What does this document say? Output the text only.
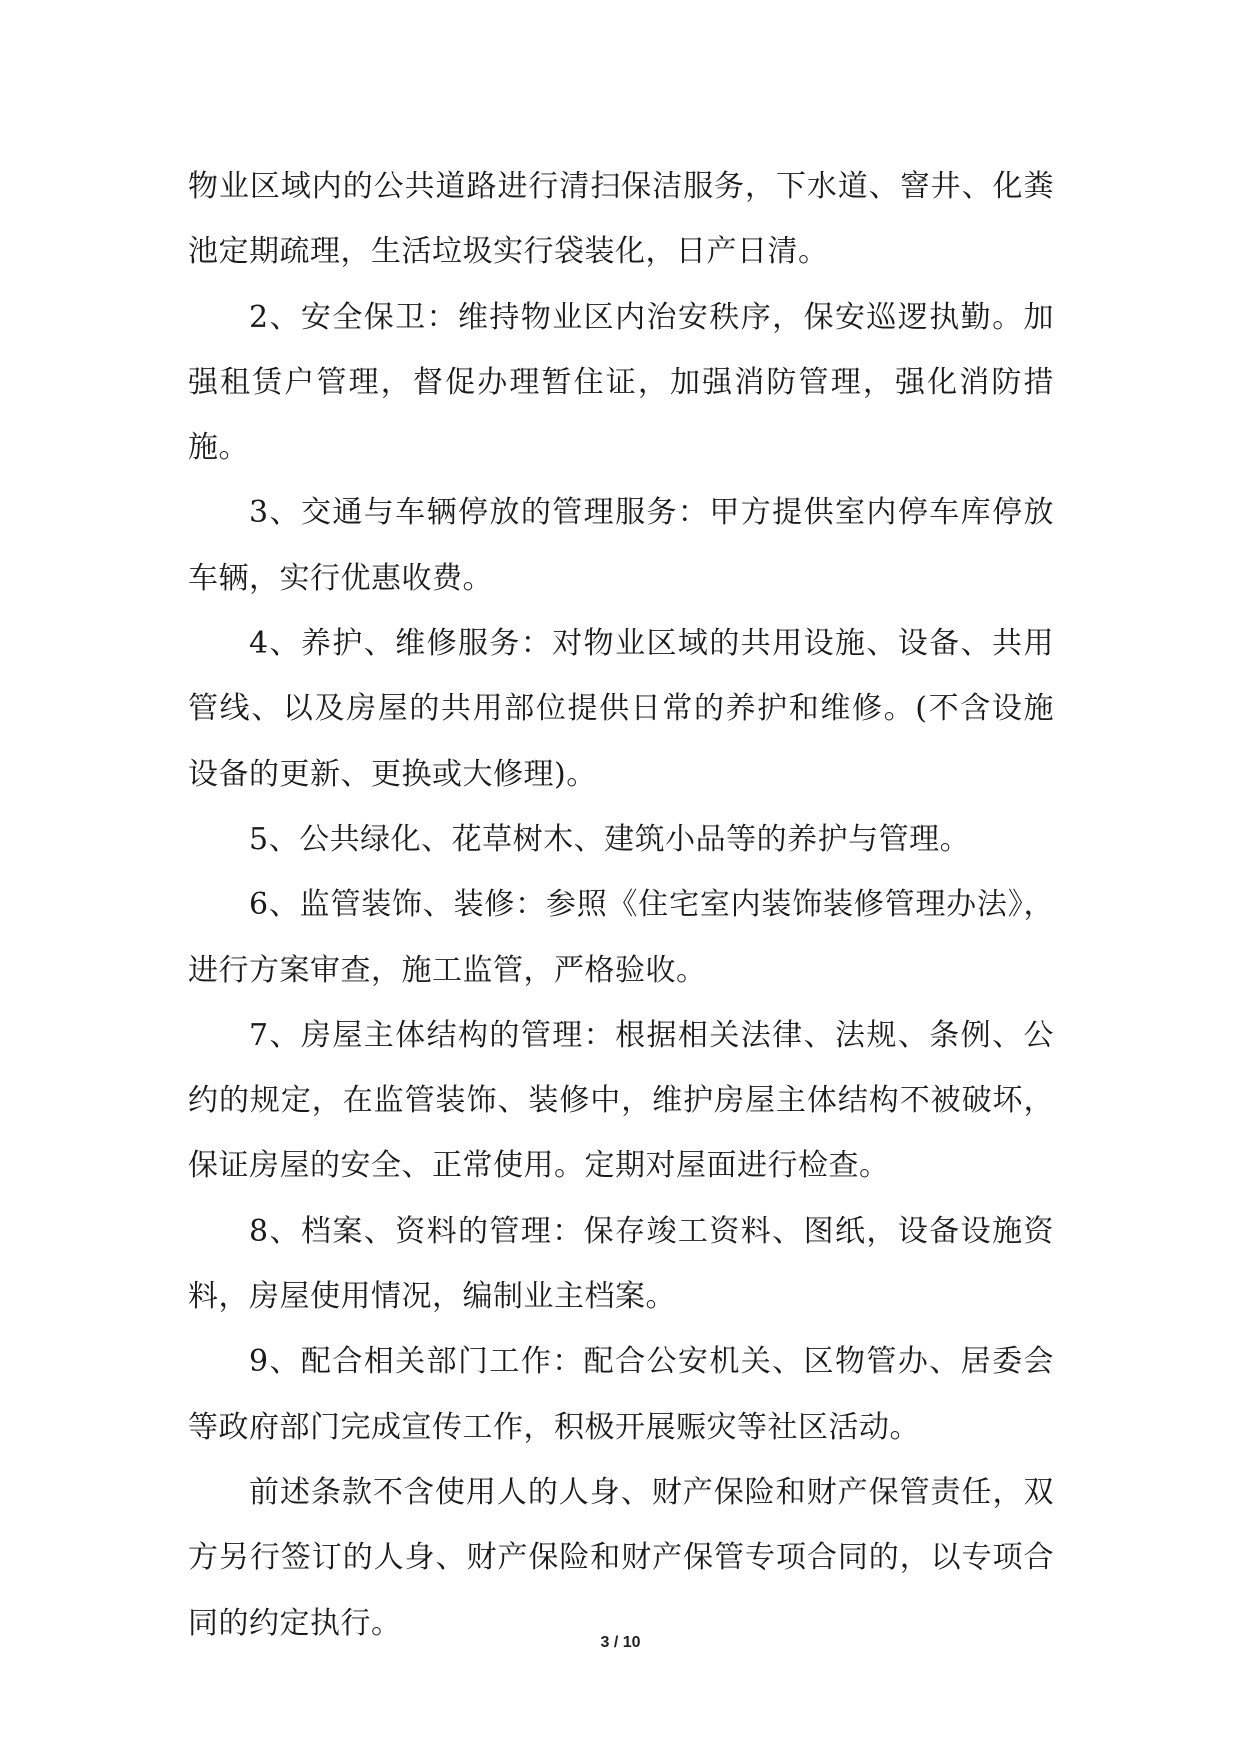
物业区域内的公共道路进行清扫保洁服务，下水道、窨井、化粪池定期疏理，生活垃圾实行袋装化，日产日清。

2、安全保卫：维持物业区内治安秩序，保安巡逻执勤。加强租赁户管理，督促办理暂住证，加强消防管理，强化消防措施。

3、交通与车辆停放的管理服务：甲方提供室内停车库停放车辆，实行优惠收费。

4、养护、维修服务：对物业区域的共用设施、设备、共用管线、以及房屋的共用部位提供日常的养护和维修。(不含设施设备的更新、更换或大修理)。

5、公共绿化、花草树木、建筑小品等的养护与管理。

6、监管装饰、装修：参照《住宅室内装饰装修管理办法》，进行方案审查，施工监管，严格验收。

7、房屋主体结构的管理：根据相关法律、法规、条例、公约的规定，在监管装饰、装修中，维护房屋主体结构不被破坏，保证房屋的安全、正常使用。定期对屋面进行检查。

8、档案、资料的管理：保存竣工资料、图纸，设备设施资料，房屋使用情况，编制业主档案。

9、配合相关部门工作：配合公安机关、区物管办、居委会等政府部门完成宣传工作，积极开展赈灾等社区活动。

前述条款不含使用人的人身、财产保险和财产保管责任，双方另行签订的人身、财产保险和财产保管专项合同的，以专项合同的约定执行。

3 / 10
